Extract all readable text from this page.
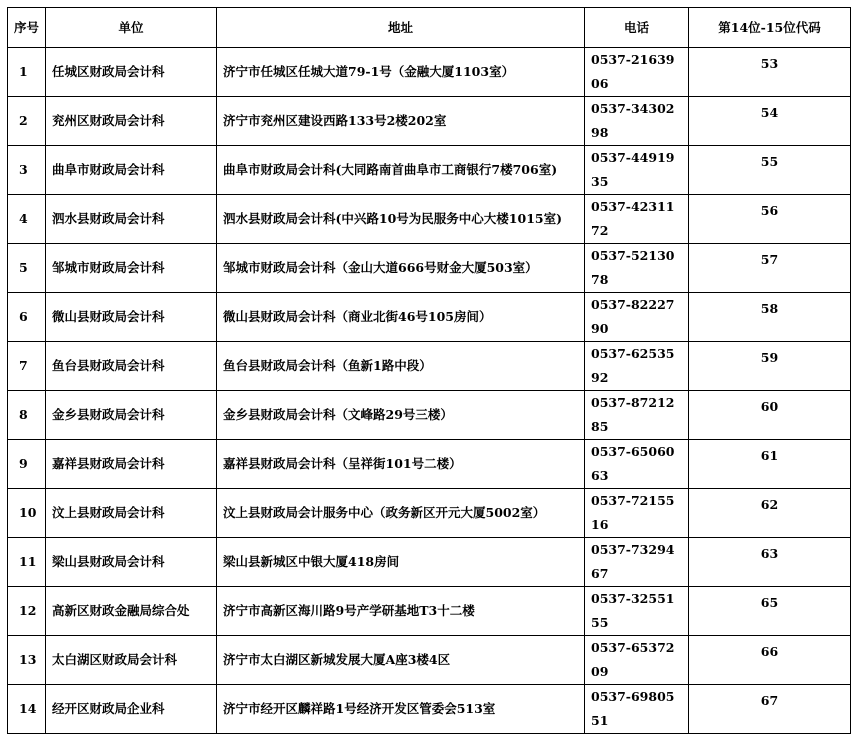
序号	单位	地址	电话	第14位-15位代码
1	任城区财政局会计科	济宁市任城区任城大道79-1号（金融大厦1103室）	0537-2163906	53
2	兖州区财政局会计科	济宁市兖州区建设西路133号2楼202室	0537-3430298	54
3	曲阜市财政局会计科	曲阜市财政局会计科(大同路南首曲阜市工商银行7楼706室)	0537-4491935	55
4	泗水县财政局会计科	泗水县财政局会计科(中兴路10号为民服务中心大楼1015室)	0537-4231172	56
5	邹城市财政局会计科	邹城市财政局会计科（金山大道666号财金大厦503室）	0537-5213078	57
6	微山县财政局会计科	微山县财政局会计科（商业北街46号105房间）	0537-8222790	58
7	鱼台县财政局会计科	鱼台县财政局会计科（鱼新1路中段）	0537-6253592	59
8	金乡县财政局会计科	金乡县财政局会计科（文峰路29号三楼）	0537-8721285	60
9	嘉祥县财政局会计科	嘉祥县财政局会计科（呈祥街101号二楼）	0537-6506063	61
10	汶上县财政局会计科	汶上县财政局会计服务中心（政务新区开元大厦5002室）	0537-7215516	62
11	梁山县财政局会计科	梁山县新城区中银大厦418房间	0537-7329467	63
12	高新区财政金融局综合处	济宁市高新区海川路9号产学研基地T3十二楼	0537-3255155	65
13	太白湖区财政局会计科	济宁市太白湖区新城发展大厦A座3楼4区	0537-6537209	66
14	经开区财政局企业科	济宁市经开区麟祥路1号经济开发区管委会513室	0537-6980551	67
